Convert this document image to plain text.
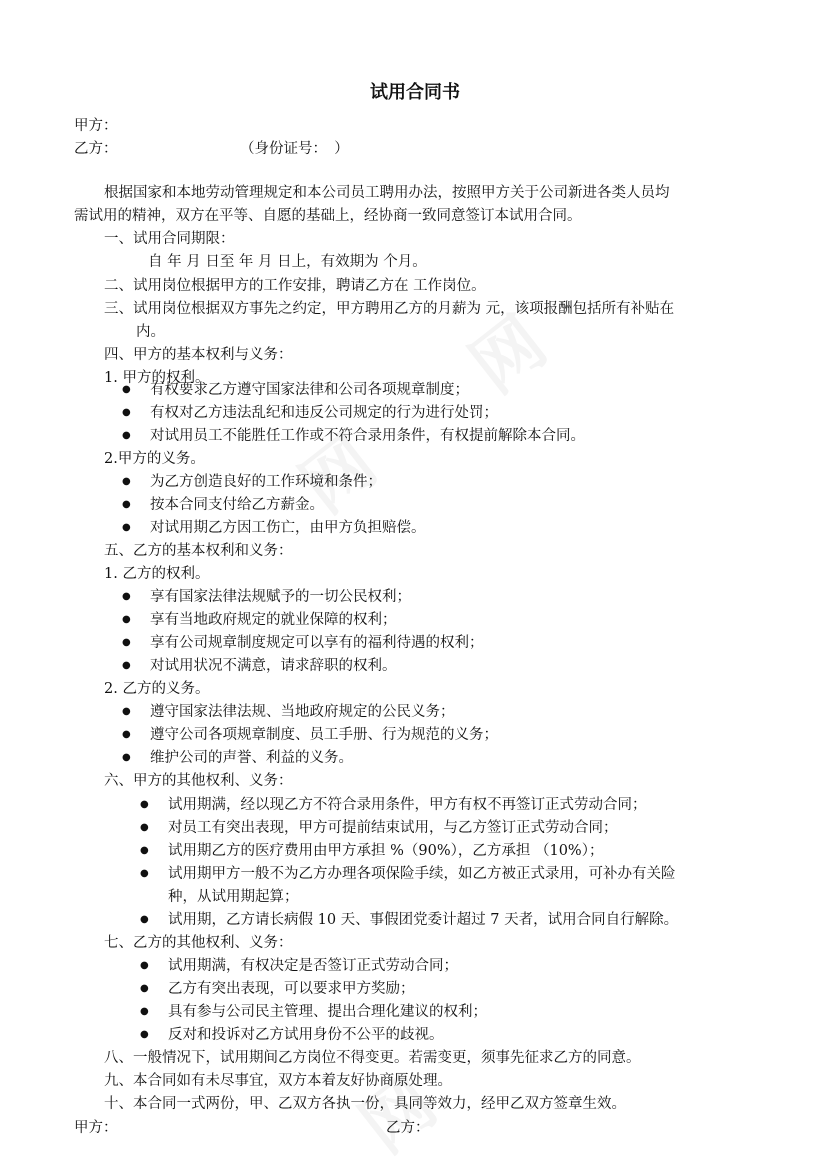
试用合同书
甲方：
乙方：	（身份证号：　）
根据国家和本地劳动管理规定和本公司员工聘用办法，按照甲方关于公司新进各类人员均
需试用的精神，双方在平等、自愿的基础上，经协商一致同意签订本试用合同。
一、试用合同期限：
自 年 月 日至 年 月 日上，有效期为 个月。
二、试用岗位根据甲方的工作安排，聘请乙方在 工作岗位。
三、试用岗位根据双方事先之约定，甲方聘用乙方的月薪为 元，该项报酬包括所有补贴在
内。
四、甲方的基本权利与义务：
1. 甲方的权利。
● 有权要求乙方遵守国家法律和公司各项规章制度；
● 有权对乙方违法乱纪和违反公司规定的行为进行处罚；
● 对试用员工不能胜任工作或不符合录用条件，有权提前解除本合同。
2.甲方的义务。
● 为乙方创造良好的工作环境和条件；
● 按本合同支付给乙方薪金。
● 对试用期乙方因工伤亡，由甲方负担赔偿。
五、乙方的基本权利和义务：
1. 乙方的权利。
● 享有国家法律法规赋予的一切公民权利；
● 享有当地政府规定的就业保障的权利；
● 享有公司规章制度规定可以享有的福利待遇的权利；
● 对试用状况不满意，请求辞职的权利。
2. 乙方的义务。
● 遵守国家法律法规、当地政府规定的公民义务；
● 遵守公司各项规章制度、员工手册、行为规范的义务；
● 维护公司的声誉、利益的义务。
六、甲方的其他权利、义务：
● 试用期满，经以现乙方不符合录用条件，甲方有权不再签订正式劳动合同；
● 对员工有突出表现，甲方可提前结束试用，与乙方签订正式劳动合同；
● 试用期乙方的医疗费用由甲方承担 %（90%），乙方承担 （10%）；
● 试用期甲方一般不为乙方办理各项保险手续，如乙方被正式录用，可补办有关险
种，从试用期起算；
● 试用期，乙方请长病假 10 天、事假团党委计超过 7 天者，试用合同自行解除。
七、乙方的其他权利、义务：
● 试用期满，有权决定是否签订正式劳动合同；
● 乙方有突出表现，可以要求甲方奖励；
● 具有参与公司民主管理、提出合理化建议的权利；
● 反对和投诉对乙方试用身份不公平的歧视。
八、一般情况下，试用期间乙方岗位不得变更。若需变更，须事先征求乙方的同意。
九、本合同如有未尽事宜，双方本着友好协商原处理。
十、本合同一式两份，甲、乙双方各执一份，具同等效力，经甲乙双方签章生效。
甲方：	乙方：
